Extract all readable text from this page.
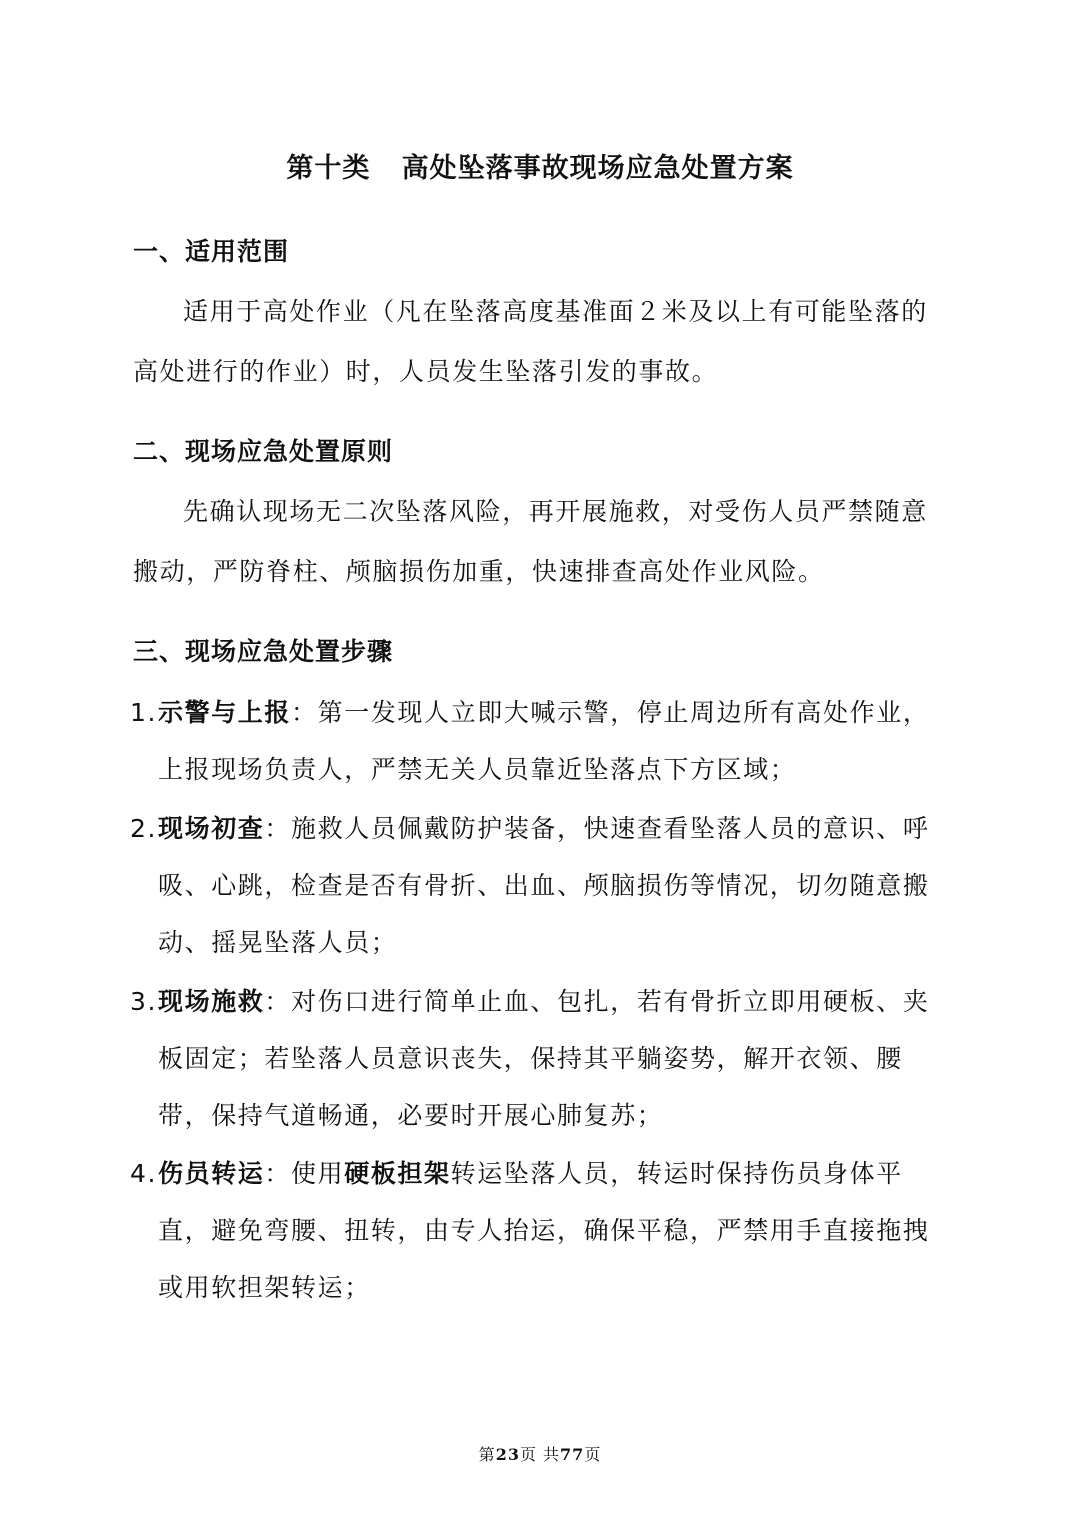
第十类   高处坠落事故现场应急处置方案
一、适用范围

适用于高处作业（凡在坠落高度基准面２米及以上有可能坠落的高处进行的作业）时，人员发生坠落引发的事故。

二、现场应急处置原则

先确认现场无二次坠落风险，再开展施救，对受伤人员严禁随意搬动，严防脊柱、颅脑损伤加重，快速排查高处作业风险。

三、现场应急处置步骤

1. 示警与上报：第一发现人立即大喊示警，停止周边所有高处作业，上报现场负责人，严禁无关人员靠近坠落点下方区域；

2. 现场初查：施救人员佩戴防护装备，快速查看坠落人员的意识、呼吸、心跳，检查是否有骨折、出血、颅脑损伤等情况，切勿随意搬动、摇晃坠落人员；

3. 现场施救：对伤口进行简单止血、包扎，若有骨折立即用硬板、夹板固定；若坠落人员意识丧失，保持其平躺姿势，解开衣领、腰带，保持气道畅通，必要时开展心肺复苏；

4. 伤员转运：使用硬板担架转运坠落人员，转运时保持伤员身体平直，避免弯腰、扭转，由专人抬运，确保平稳，严禁用手直接拖拽或用软担架转运；

第23页 共77页
